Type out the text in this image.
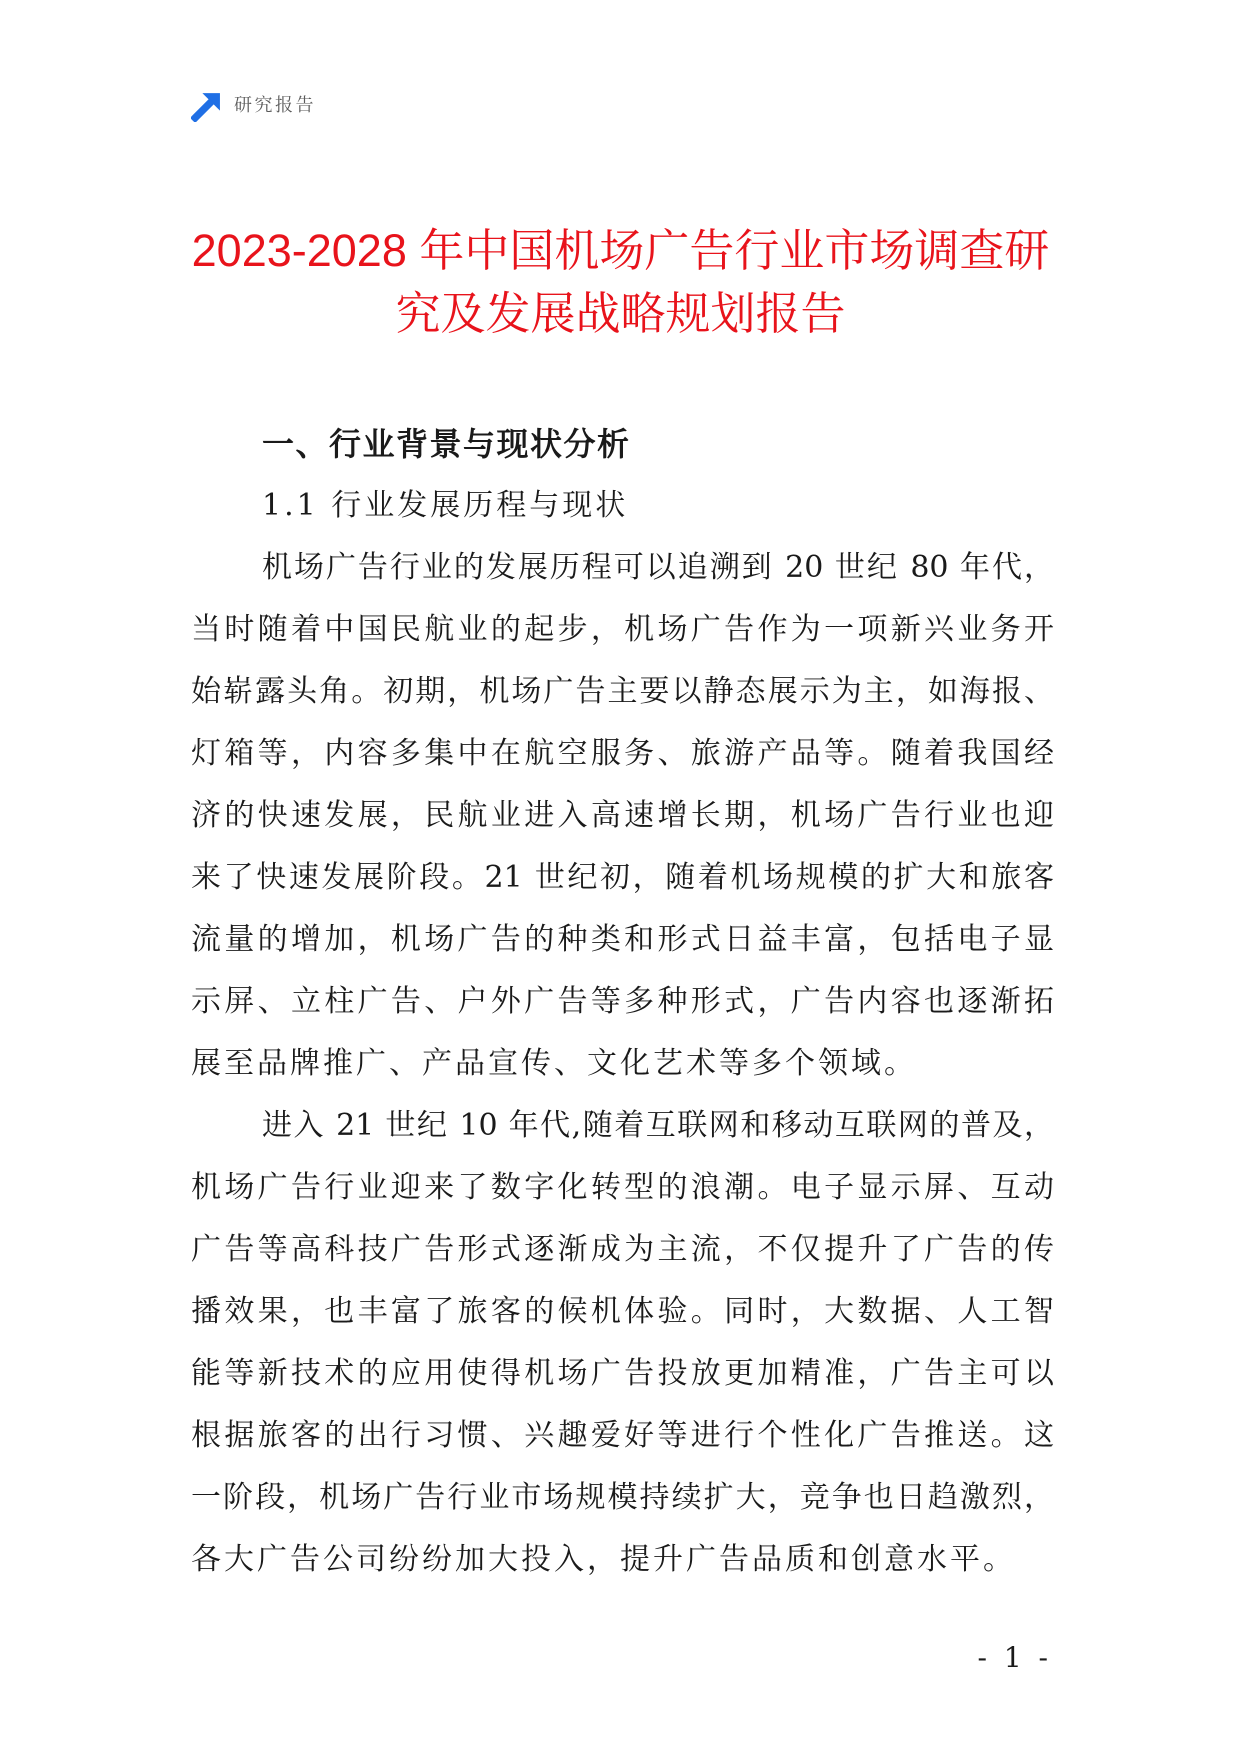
研究报告
2023-2028 年中国机场广告行业市场调查研
究及发展战略规划报告
一、行业背景与现状分析
1.1 行业发展历程与现状
机场广告行业的发展历程可以追溯到 20 世纪 80 年代，
当时随着中国民航业的起步，机场广告作为一项新兴业务开
始崭露头角。初期，机场广告主要以静态展示为主，如海报、
灯箱等，内容多集中在航空服务、旅游产品等。随着我国经
济的快速发展，民航业进入高速增长期，机场广告行业也迎
来了快速发展阶段。21 世纪初，随着机场规模的扩大和旅客
流量的增加，机场广告的种类和形式日益丰富，包括电子显
示屏、立柱广告、户外广告等多种形式，广告内容也逐渐拓
展至品牌推广、产品宣传、文化艺术等多个领域。
进入 21 世纪 10 年代,随着互联网和移动互联网的普及，
机场广告行业迎来了数字化转型的浪潮。电子显示屏、互动
广告等高科技广告形式逐渐成为主流，不仅提升了广告的传
播效果，也丰富了旅客的候机体验。同时，大数据、人工智
能等新技术的应用使得机场广告投放更加精准，广告主可以
根据旅客的出行习惯、兴趣爱好等进行个性化广告推送。这
一阶段，机场广告行业市场规模持续扩大，竞争也日趋激烈，
各大广告公司纷纷加大投入，提升广告品质和创意水平。
- 1 -
